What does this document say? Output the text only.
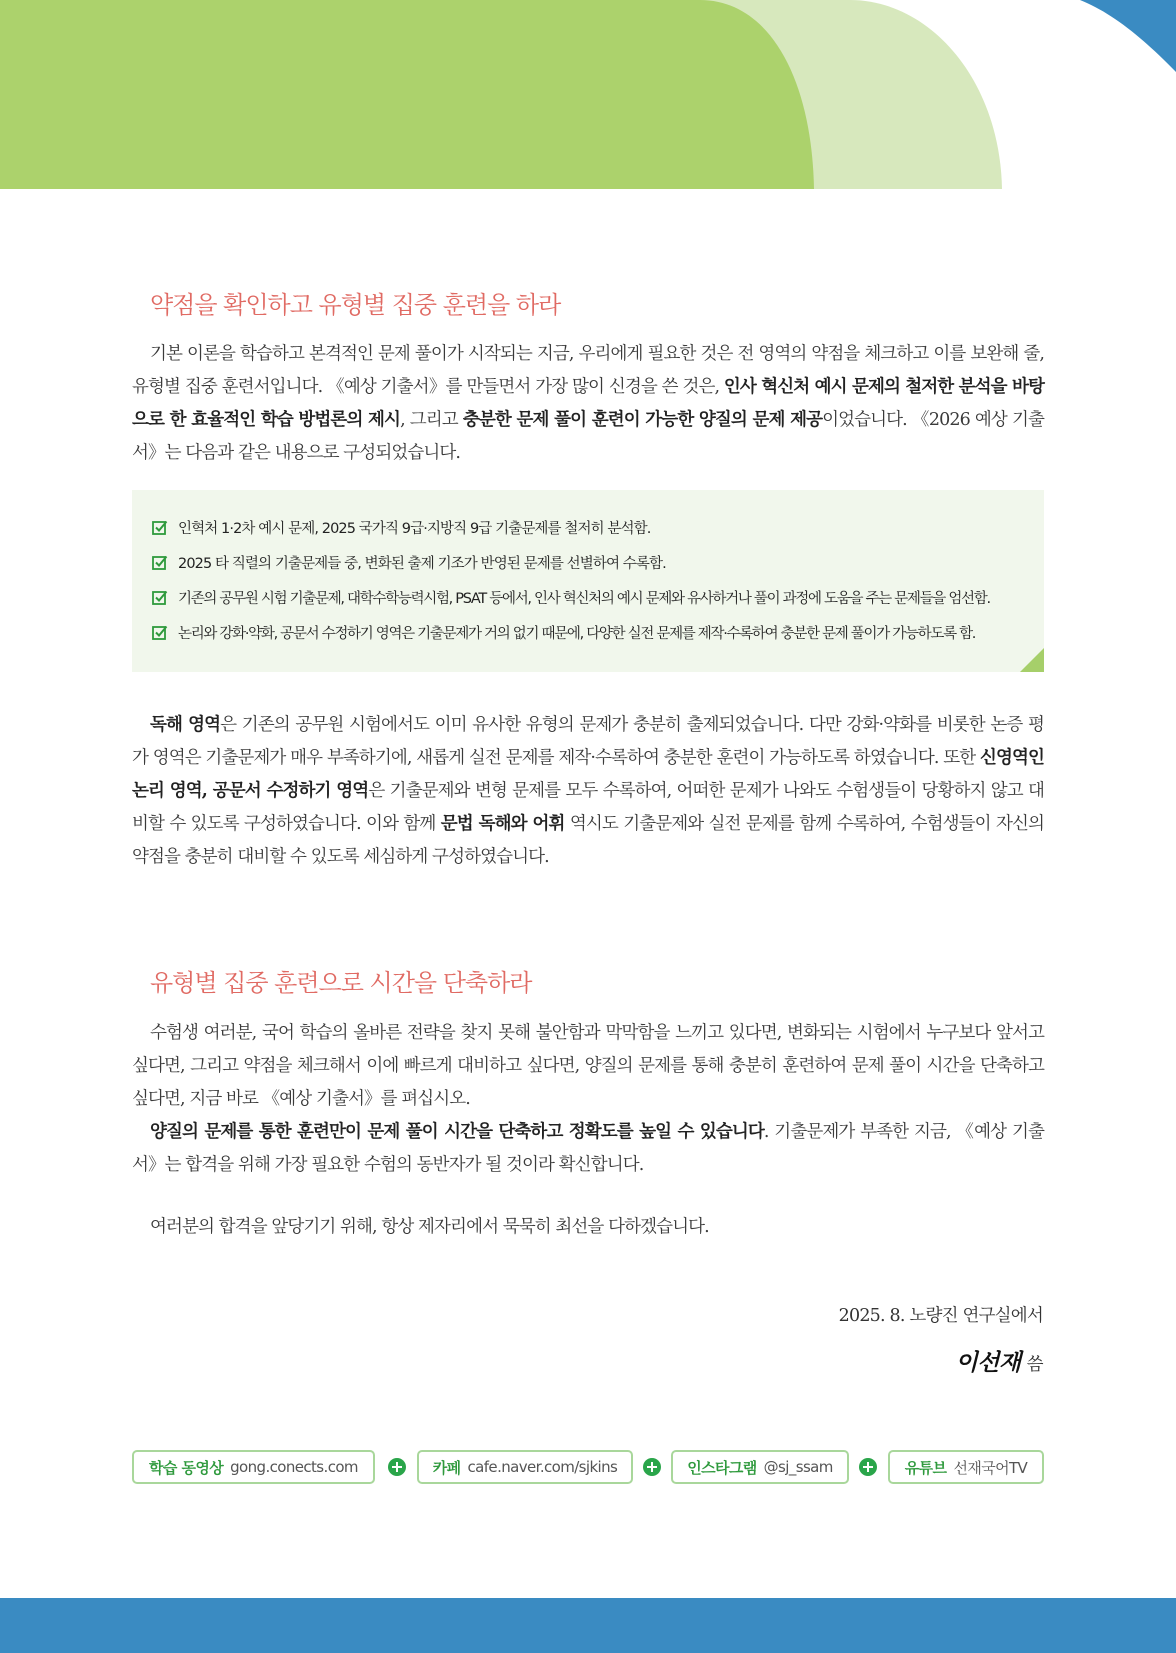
약점을 확인하고 유형별 집중 훈련을 하라

기본 이론을 학습하고 본격적인 문제 풀이가 시작되는 지금, 우리에게 필요한 것은 전 영역의 약점을 체크하고 이를 보완해 줄, 유형별 집중 훈련서입니다. 《예상 기출서》를 만들면서 가장 많이 신경을 쓴 것은, 인사 혁신처 예시 문제의 철저한 분석을 바탕으로 한 효율적인 학습 방법론의 제시, 그리고 충분한 문제 풀이 훈련이 가능한 양질의 문제 제공이었습니다. 《2026 예상 기출서》는 다음과 같은 내용으로 구성되었습니다.

인혁처 1·2차 예시 문제, 2025 국가직 9급·지방직 9급 기출문제를 철저히 분석함.
2025 타 직렬의 기출문제들 중, 변화된 출제 기조가 반영된 문제를 선별하여 수록함.
기존의 공무원 시험 기출문제, 대학수학능력시험, PSAT 등에서, 인사 혁신처의 예시 문제와 유사하거나 풀이 과정에 도움을 주는 문제들을 엄선함.
논리와 강화·약화, 공문서 수정하기 영역은 기출문제가 거의 없기 때문에, 다양한 실전 문제를 제작·수록하여 충분한 문제 풀이가 가능하도록 함.

독해 영역은 기존의 공무원 시험에서도 이미 유사한 유형의 문제가 충분히 출제되었습니다. 다만 강화·약화를 비롯한 논증 평가 영역은 기출문제가 매우 부족하기에, 새롭게 실전 문제를 제작·수록하여 충분한 훈련이 가능하도록 하였습니다. 또한 신영역인 논리 영역, 공문서 수정하기 영역은 기출문제와 변형 문제를 모두 수록하여, 어떠한 문제가 나와도 수험생들이 당황하지 않고 대비할 수 있도록 구성하였습니다. 이와 함께 문법 독해와 어휘 역시도 기출문제와 실전 문제를 함께 수록하여, 수험생들이 자신의 약점을 충분히 대비할 수 있도록 세심하게 구성하였습니다.

유형별 집중 훈련으로 시간을 단축하라

수험생 여러분, 국어 학습의 올바른 전략을 찾지 못해 불안함과 막막함을 느끼고 있다면, 변화되는 시험에서 누구보다 앞서고 싶다면, 그리고 약점을 체크해서 이에 빠르게 대비하고 싶다면, 양질의 문제를 통해 충분히 훈련하여 문제 풀이 시간을 단축하고 싶다면, 지금 바로 《예상 기출서》를 펴십시오.

양질의 문제를 통한 훈련만이 문제 풀이 시간을 단축하고 정확도를 높일 수 있습니다. 기출문제가 부족한 지금, 《예상 기출서》는 합격을 위해 가장 필요한 수험의 동반자가 될 것이라 확신합니다.

여러분의 합격을 앞당기기 위해, 항상 제자리에서 묵묵히 최선을 다하겠습니다.

2025. 8. 노량진 연구실에서
이선재 씀
학습 동영상 gong.conects.com	카페 cafe.naver.com/sjkins	인스타그램 @sj_ssam	유튜브 선재국어TV
